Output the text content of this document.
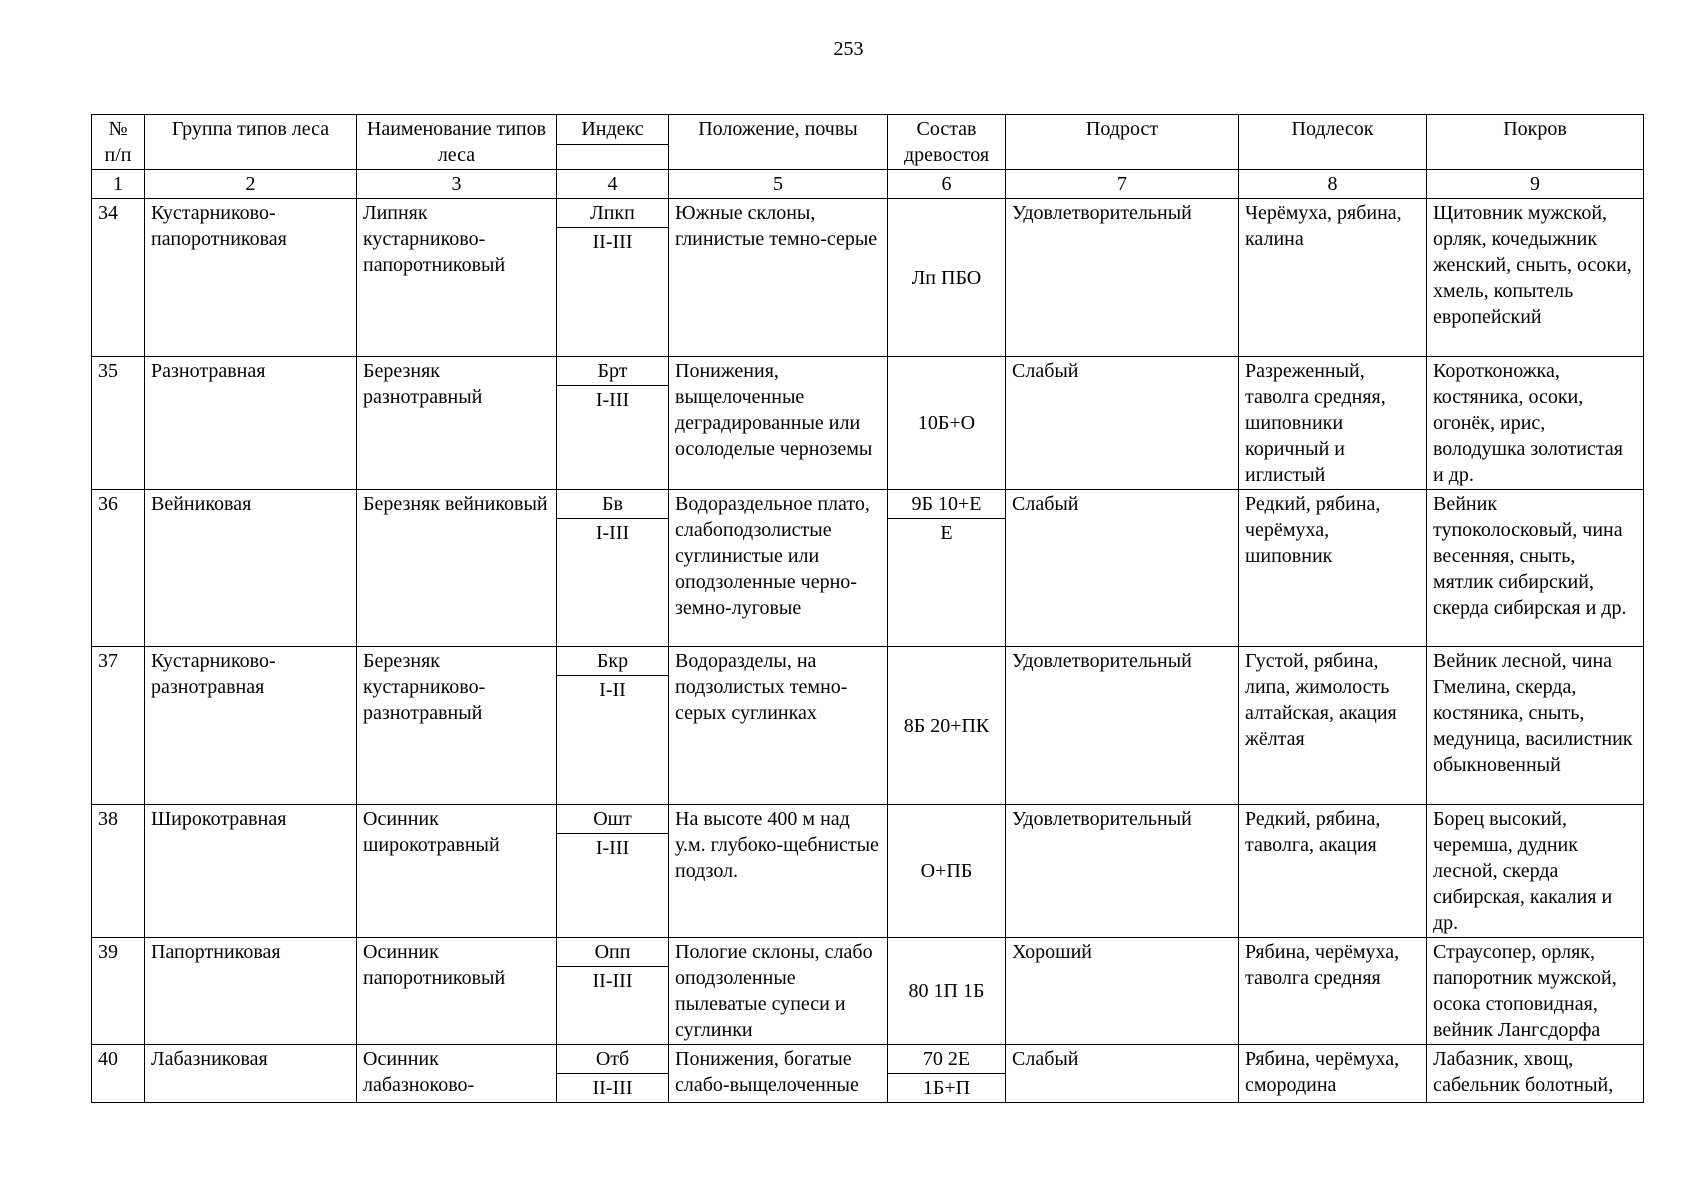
253
№ п/п	Группа типов леса	Наименование типов леса	Индекс	Положение, почвы	Состав древостоя	Подрост	Подлесок	Покров

1	2	3	4	5	6	7	8	9
34	Кустарниково-папоротниковая	Липняк кустарниково-папоротниковый	Лпкп	Южные склоны, глинистые темно-серые	Лп ПБО	Удовлетворительный	Черёмуха, рябина, калина	Щитовник мужской, орляк, кочедыжник женский, сныть, осоки, хмель, копытель европейский
			II-III					
35	Разнотравная	Березняк разнотравный	Брт	Понижения, выщелоченные деградированные или осолоделые черноземы	10Б+О	Слабый	Разреженный, таволга средняя, шиповники коричный и иглистый	Коротконожка, костяника, осоки, огонёк, ирис, володушка золотистая и др.
			I-III					
36	Вейниковая	Березняк вейниковый	Бв	Водораздельное плато, слабоподзолистые суглинистые или оподзоленные черно-земно-луговые	9Б 10+Е	Слабый	Редкий, рябина, черёмуха, шиповник	Вейник тупоколосковый, чина весенняя, сныть, мятлик сибирский, скерда сибирская и др.
			I-III		Е			
37	Кустарниково-разнотравная	Березняк кустарниково-разнотравный	Бкр	Водоразделы, на подзолистых темно-серых суглинках	8Б 20+ПК	Удовлетворительный	Густой, рябина, липа, жимолость алтайская, акация жёлтая	Вейник лесной, чина Гмелина, скерда, костяника, сныть, медуница, василистник обыкновенный
			I-II					
38	Широкотравная	Осинник широкотравный	Ошт	На высоте 400 м над у.м. глубоко-щебнистые подзол.	О+ПБ	Удовлетворительный	Редкий, рябина, таволга, акация	Борец высокий, черемша, дудник лесной, скерда сибирская, какалия и др.
			I-III					
39	Папортниковая	Осинник папоротниковый	Опп	Пологие склоны, слабо оподзоленные пылеватые супеси и суглинки	80 1П 1Б	Хороший	Рябина, черёмуха, таволга средняя	Страусопер, орляк, папоротник мужской, осока стоповидная, вейник Лангсдорфа
			II-III					
40	Лабазниковая	Осинник лабазноково-	Отб	Понижения, богатые слабо-выщелоченные	70 2Е	Слабый	Рябина, черёмуха, смородина	Лабазник, хвощ, сабельник болотный,
			II-III		1Б+П			
